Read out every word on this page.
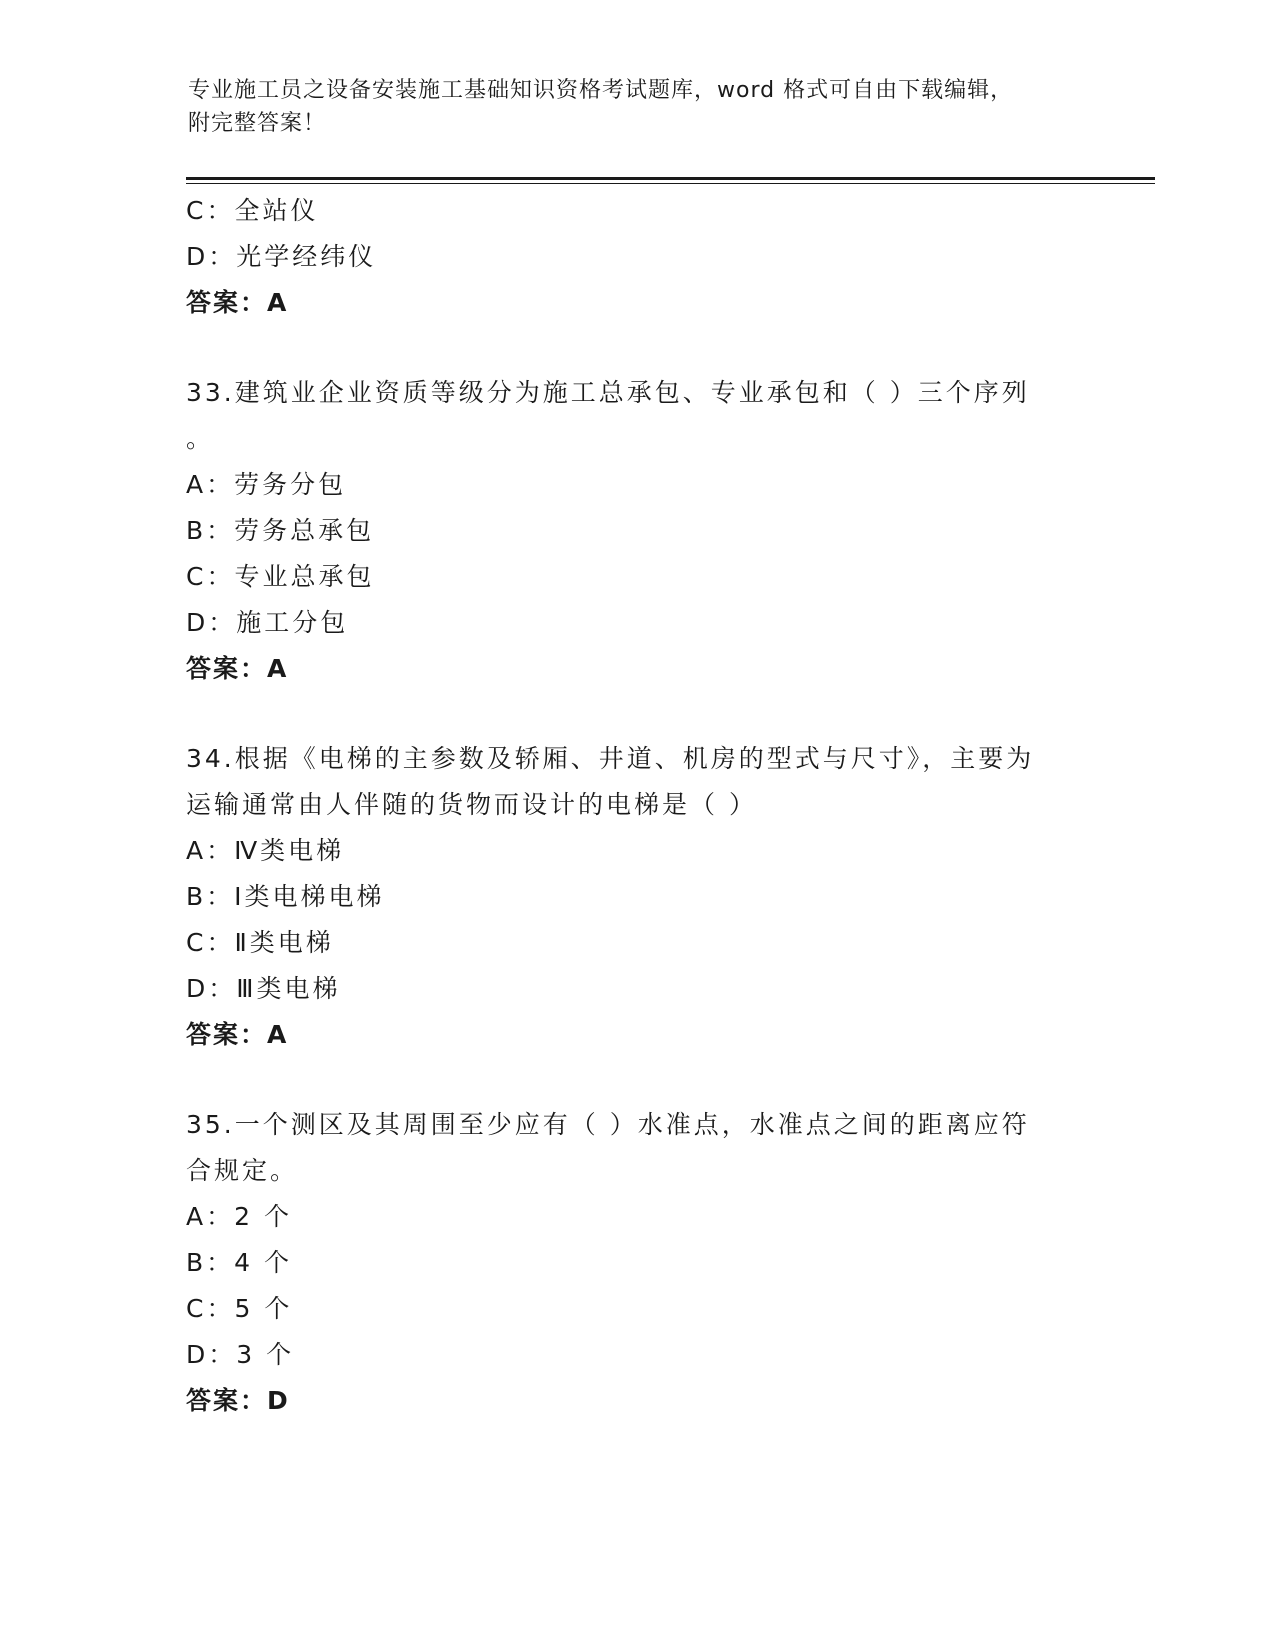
专业施工员之设备安装施工基础知识资格考试题库，word 格式可自由下载编辑，
附完整答案！
C：全站仪
D：光学经纬仪
答案：A
33.建筑业企业资质等级分为施工总承包、专业承包和（ ）三个序列
。
A：劳务分包
B：劳务总承包
C：专业总承包
D：施工分包
答案：A
34.根据《电梯的主参数及轿厢、井道、机房的型式与尺寸》，主要为
运输通常由人伴随的货物而设计的电梯是（ ）
A：Ⅳ类电梯
B：Ⅰ类电梯电梯
C：Ⅱ类电梯
D：Ⅲ类电梯
答案：A
35.一个测区及其周围至少应有（ ）水准点，水准点之间的距离应符
合规定。
A：2 个
B：4 个
C：5 个
D：3 个
答案：D
